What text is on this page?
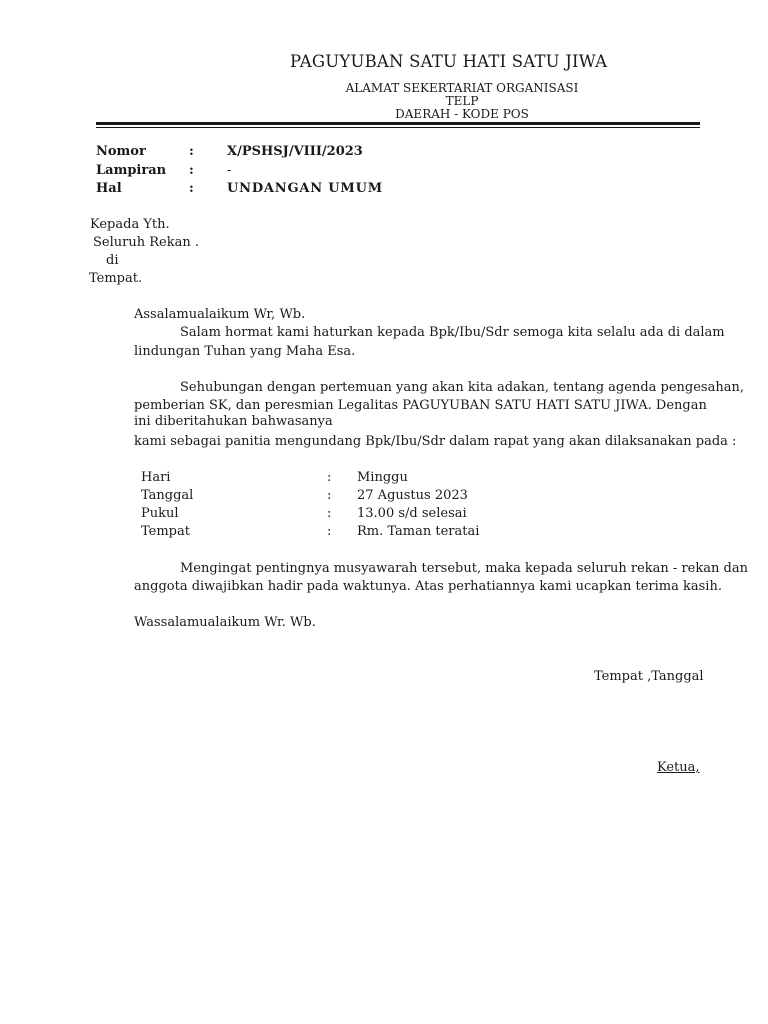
PAGUYUBAN SATU HATI SATU JIWA
ALAMAT SEKERTARIAT ORGANISASI
TELP
DAERAH - KODE POS
Nomor	:	X/PSHSJ/VIII/2023
Lampiran :	-
Hal	:	UNDANGAN UMUM
Kepada Yth.
Seluruh Rekan .
di
Tempat.
Assalamualaikum Wr, Wb.
Salam hormat kami haturkan kepada Bpk/Ibu/Sdr semoga kita selalu ada di dalam
lindungan Tuhan yang Maha Esa.
Sehubungan dengan pertemuan yang akan kita adakan, tentang agenda pengesahan,
pemberian SK, dan peresmian Legalitas PAGUYUBAN SATU HATI SATU JIWA. Dengan
ini diberitahukan bahwasanya
kami sebagai panitia mengundang Bpk/Ibu/Sdr dalam rapat yang akan dilaksanakan pada :
Hari	: Minggu
Tanggal	: 27 Agustus 2023
Pukul	: 13.00 s/d selesai
Tempat	: Rm. Taman teratai
Mengingat pentingnya musyawarah tersebut, maka kepada seluruh rekan - rekan dan
anggota diwajibkan hadir pada waktunya. Atas perhatiannya kami ucapkan terima kasih.
Wassalamualaikum Wr. Wb.
Tempat ,Tanggal
Ketua,
